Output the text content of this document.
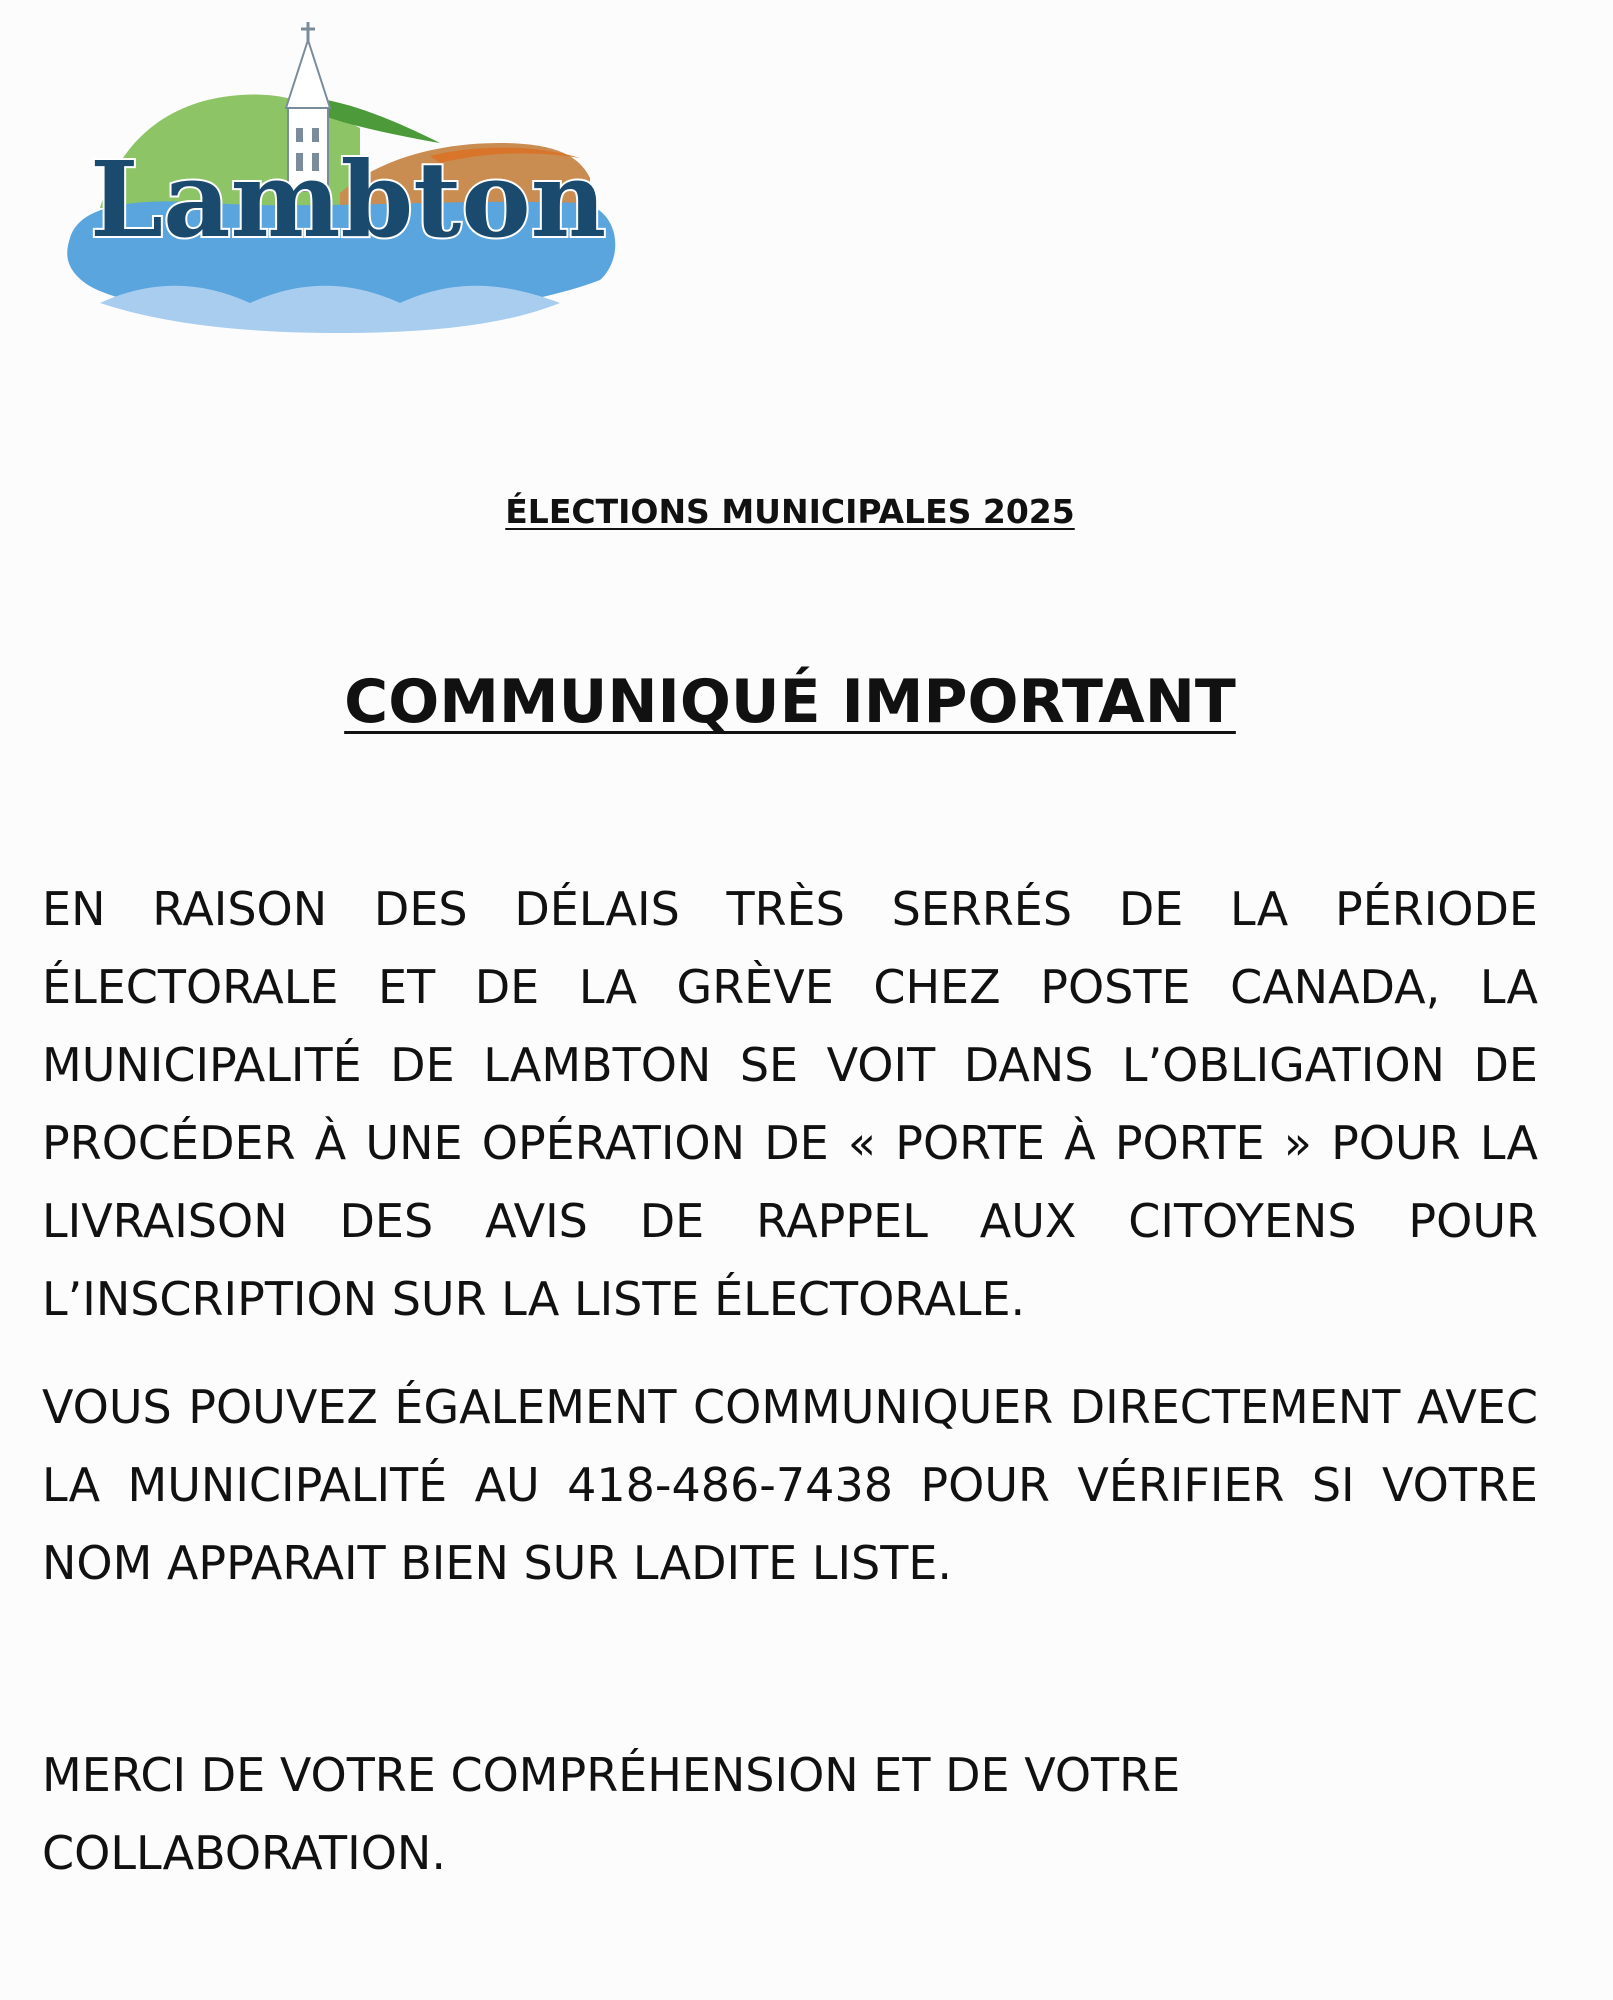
Lambton
ÉLECTIONS MUNICIPALES 2025
COMMUNIQUÉ IMPORTANT

EN RAISON DES DÉLAIS TRÈS SERRÉS DE LA PÉRIODE ÉLECTORALE ET DE LA GRÈVE CHEZ POSTE CANADA, LA MUNICIPALITÉ DE LAMBTON SE VOIT DANS L’OBLIGATION DE PROCÉDER À UNE OPÉRATION DE « PORTE À PORTE » POUR LA LIVRAISON DES AVIS DE RAPPEL AUX CITOYENS POUR L’INSCRIPTION SUR LA LISTE ÉLECTORALE.

VOUS POUVEZ ÉGALEMENT COMMUNIQUER DIRECTEMENT AVEC LA MUNICIPALITÉ AU 418-486-7438 POUR VÉRIFIER SI VOTRE NOM APPARAIT BIEN SUR LADITE LISTE.

MERCI DE VOTRE COMPRÉHENSION ET DE VOTRE COLLABORATION.
